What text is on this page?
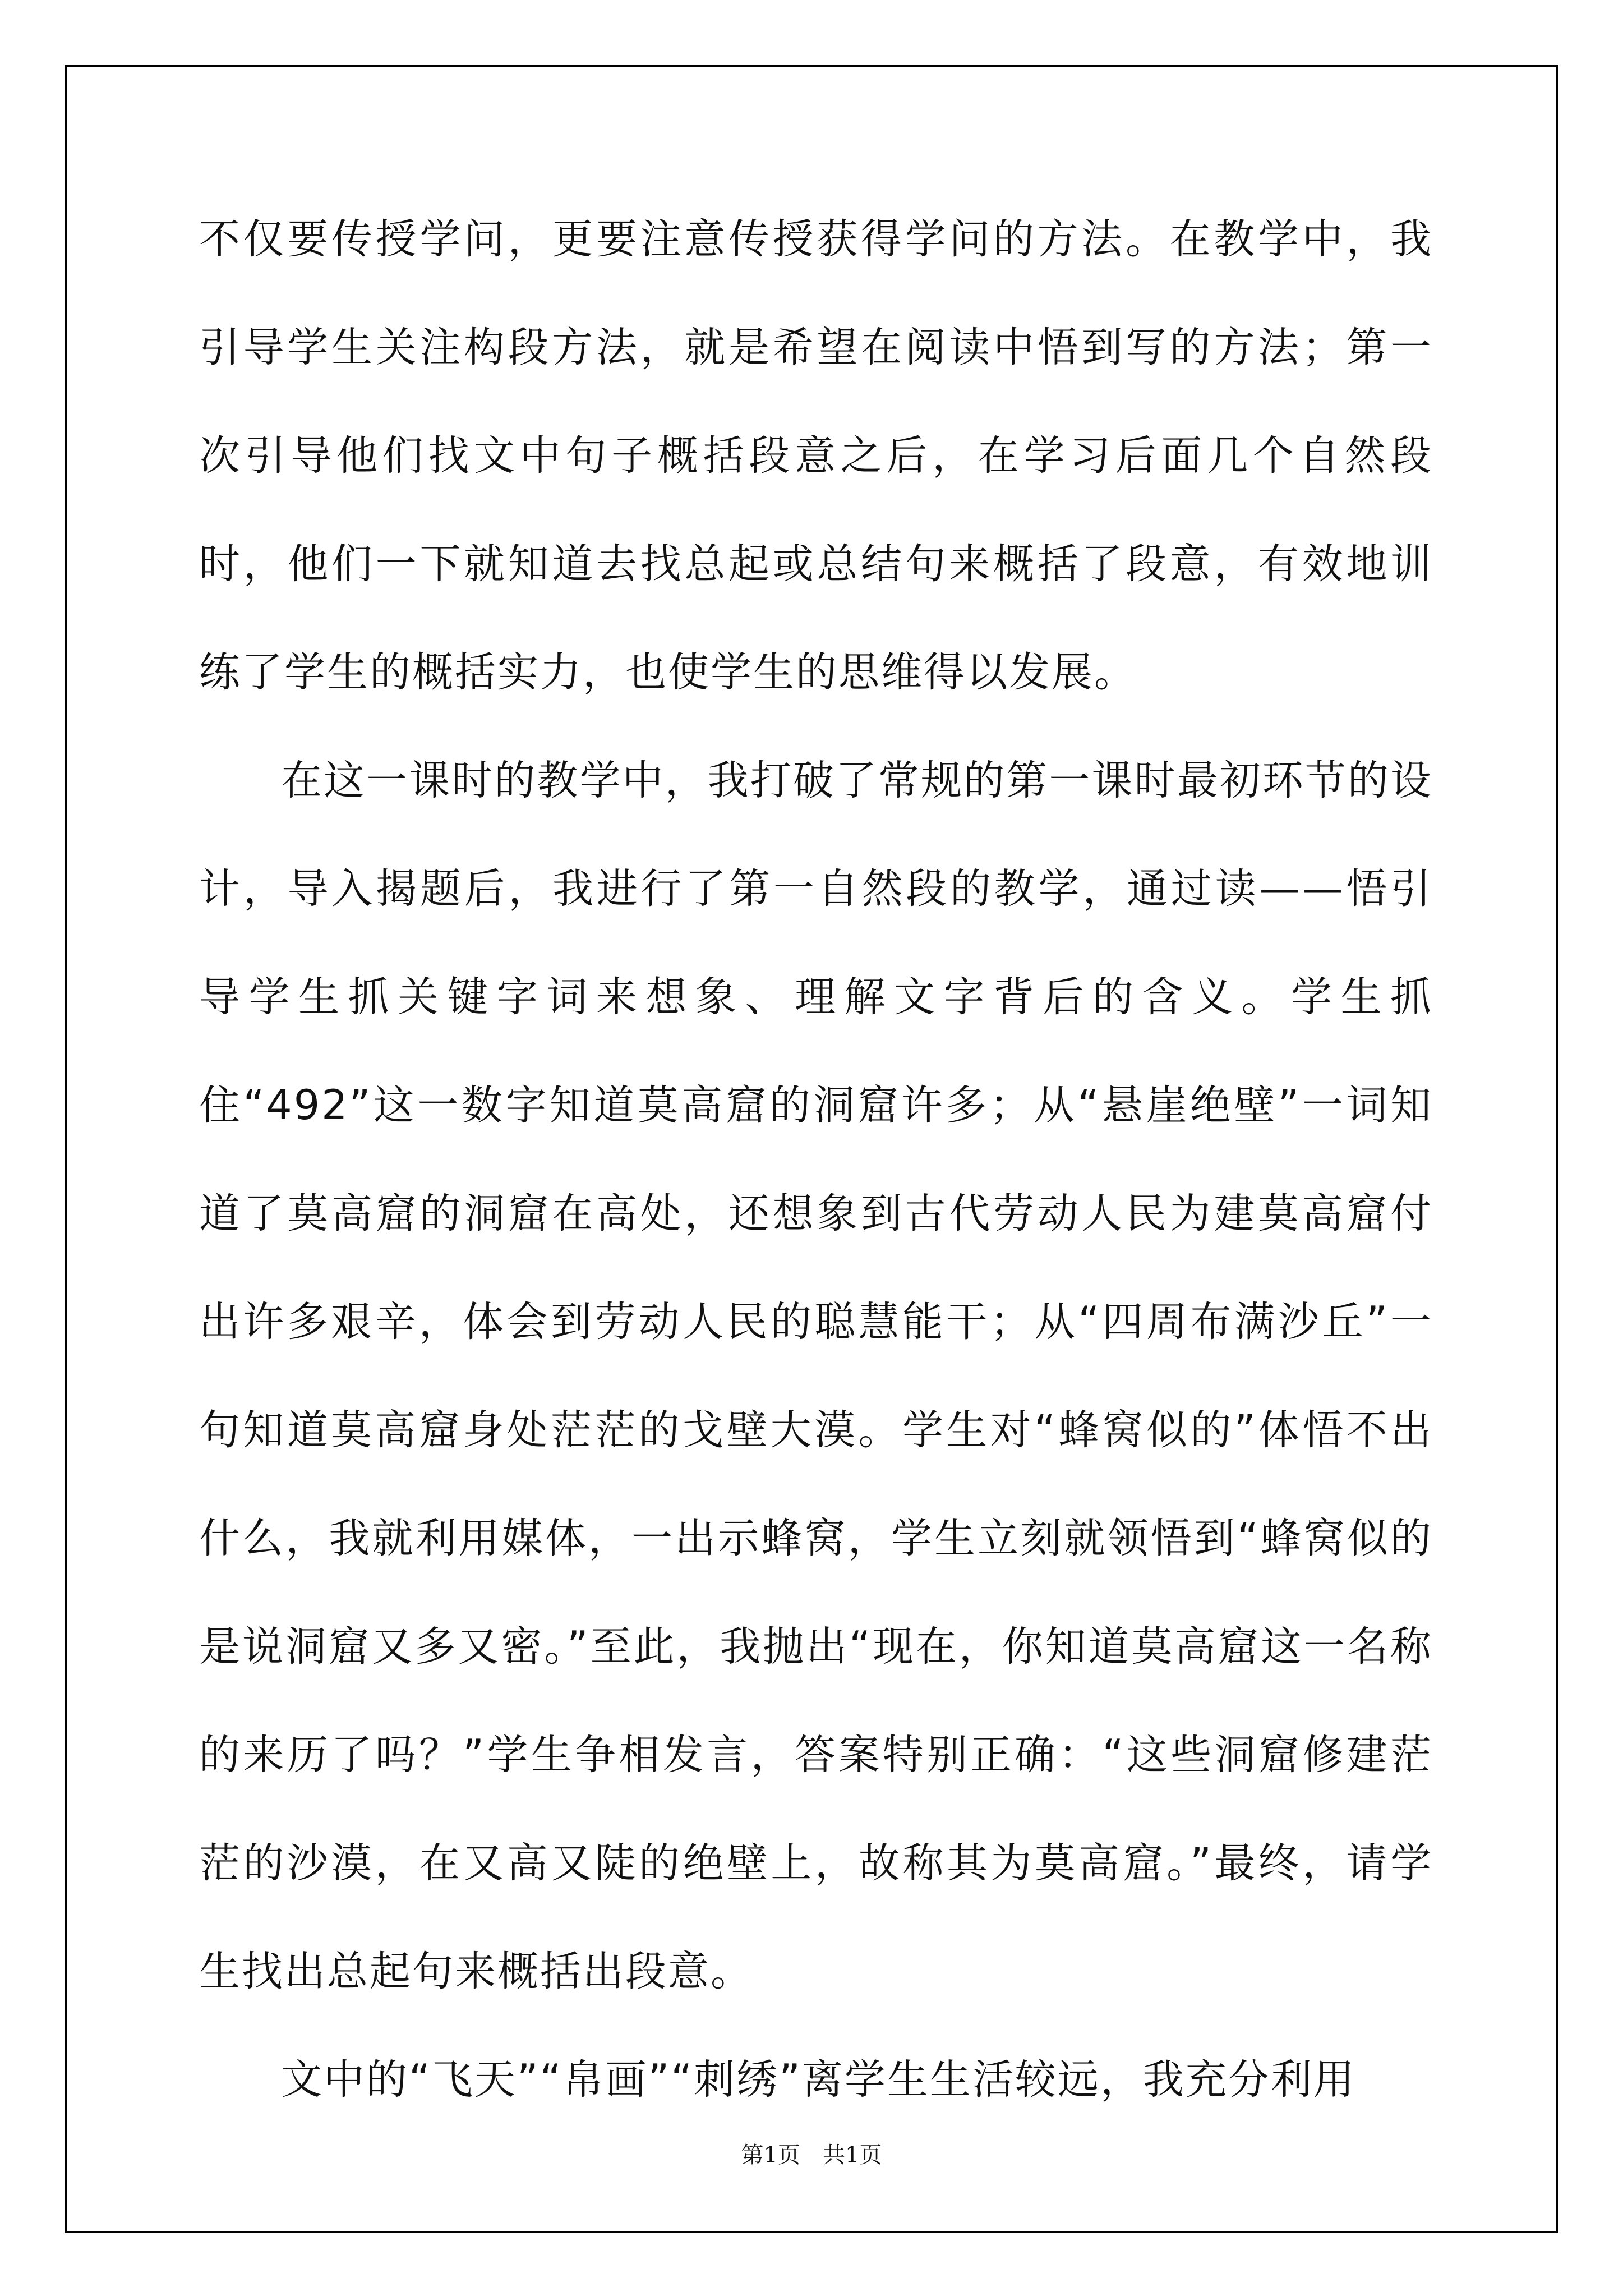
不仅要传授学问，更要注意传授获得学问的方法。在教学中，我引导学生关注构段方法，就是希望在阅读中悟到写的方法；第一次引导他们找文中句子概括段意之后，在学习后面几个自然段时，他们一下就知道去找总起或总结句来概括了段意，有效地训练了学生的概括实力，也使学生的思维得以发展。

在这一课时的教学中，我打破了常规的第一课时最初环节的设计，导入揭题后，我进行了第一自然段的教学，通过读——悟引导学生抓关键字词来想象、理解文字背后的含义。学生抓住“492”这一数字知道莫高窟的洞窟许多；从“悬崖绝壁”一词知道了莫高窟的洞窟在高处，还想象到古代劳动人民为建莫高窟付出许多艰辛，体会到劳动人民的聪慧能干；从“四周布满沙丘”一句知道莫高窟身处茫茫的戈壁大漠。学生对“蜂窝似的”体悟不出什么，我就利用媒体，一出示蜂窝，学生立刻就领悟到“蜂窝似的是说洞窟又多又密。”至此，我抛出“现在，你知道莫高窟这一名称的来历了吗？”学生争相发言，答案特别正确：“这些洞窟修建茫茫的沙漠，在又高又陡的绝壁上，故称其为莫高窟。”最终，请学生找出总起句来概括出段意。

文中的“飞天”“帛画”“刺绣”离学生生活较远，我充分利用

第1页 共1页
